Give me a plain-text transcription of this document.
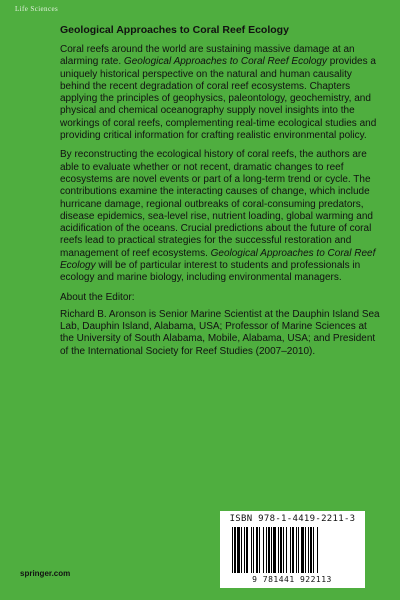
Life Sciences
Geological Approaches to Coral Reef Ecology

Coral reefs around the world are sustaining massive damage at an alarming rate. Geological Approaches to Coral Reef Ecology provides a uniquely historical perspective on the natural and human causality behind the recent degradation of coral reef ecosystems. Chapters applying the principles of geophysics, paleontology, geochemistry, and physical and chemical oceanography supply novel insights into the workings of coral reefs, complementing real-time ecological studies and providing critical information for crafting realistic environmental policy.

By reconstructing the ecological history of coral reefs, the authors are able to evaluate whether or not recent, dramatic changes to reef ecosystems are novel events or part of a long-term trend or cycle. The contributions examine the interacting causes of change, which include hurricane damage, regional outbreaks of coral-consuming predators, disease epidemics, sea-level rise, nutrient loading, global warming and acidification of the oceans. Crucial predictions about the future of coral reefs lead to practical strategies for the successful restoration and management of reef ecosystems. Geological Approaches to Coral Reef Ecology will be of particular interest to students and professionals in ecology and marine biology, including environmental managers.

About the Editor:

Richard B. Aronson is Senior Marine Scientist at the Dauphin Island Sea Lab, Dauphin Island, Alabama, USA; Professor of Marine Sciences at the University of South Alabama, Mobile, Alabama, USA; and President of the International Society for Reef Studies (2007–2010).

ISBN 978-1-4419-2211-3
9 781441 922113
springer.com
